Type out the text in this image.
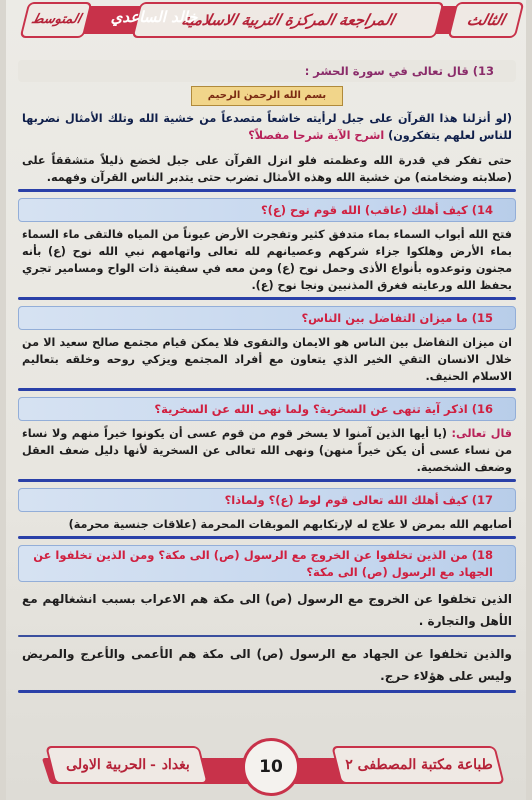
الثالث
المراجعة المركزة التربية الاسلامية
خالد الساعدي
المتوسط
13) قال تعالى في سورة الحشر :
بسم الله الرحمن الرحيم
(لو أنزلنا هذا القرآن على جبل لرأيته خاشعاً متصدعاً من خشية الله وتلك الأمثال نضربها للناس لعلهم يتفكرون) اشرح الآية شرحا مفصلاً؟
حتى تفكر في قدرة الله وعظمته فلو انزل القرآن على جبل لخضع ذليلاً متشققاً على (صلابته وضخامته) من خشية الله وهذه الأمثال تضرب حتى يتدبر الناس القرآن وفهمه.
14) كيف أهلك (عاقب) الله قوم نوح (ع)؟
فتح الله أبواب السماء بماء متدفق كثير وتفجرت الأرض عيوناً من المياه فالتقى ماء السماء بماء الأرض وهلكوا جزاء شركهم وعصيانهم لله تعالى واتهامهم نبي الله نوح (ع) بأنه مجنون وتوعدوه بأنواع الأذى وحمل نوح (ع) ومن معه في سفينة ذات الواح ومسامير تجري بحفظ الله ورعايته فغرق المذنبين ونجا نوح (ع).
15) ما ميزان التفاضل بين الناس؟
ان ميزان التفاضل بين الناس هو الايمان والتقوى فلا يمكن قيام مجتمع صالح سعيد الا من خلال الانسان التقي الخير الذي يتعاون مع أفراد المجتمع ويزكي روحه وخلقه بتعاليم الاسلام الحنيف.
16) اذكر آية تنهى عن السخرية؟ ولما نهى الله عن السخرية؟
قال تعالى: (يا أيها الذين آمنوا لا يسخر قوم من قوم عسى أن يكونوا خيراً منهم ولا نساء من نساء عسى أن يكن خيراً منهن) ونهى الله تعالى عن السخرية لأنها دليل ضعف العقل وضعف الشخصية.
17) كيف أهلك الله تعالى قوم لوط (ع)؟ ولماذا؟
أصابهم الله بمرض لا علاج له لإرتكابهم الموبقات المحرمة (علاقات جنسية محرمة)
18) من الذين تخلفوا عن الخروج مع الرسول (ص) الى مكة؟ ومن الذين تخلفوا عن الجهاد مع الرسول (ص) الى مكة؟
الذين تخلفوا عن الخروج مع الرسول (ص) الى مكة هم الاعراب بسبب انشغالهم مع الأهل والتجارة .
والذين تخلفوا عن الجهاد مع الرسول (ص) الى مكة هم الأعمى والأعرج والمريض وليس على هؤلاء حرج.
طباعة مكتبة المصطفى ٢
بغداد - الحربية الاولى	10
